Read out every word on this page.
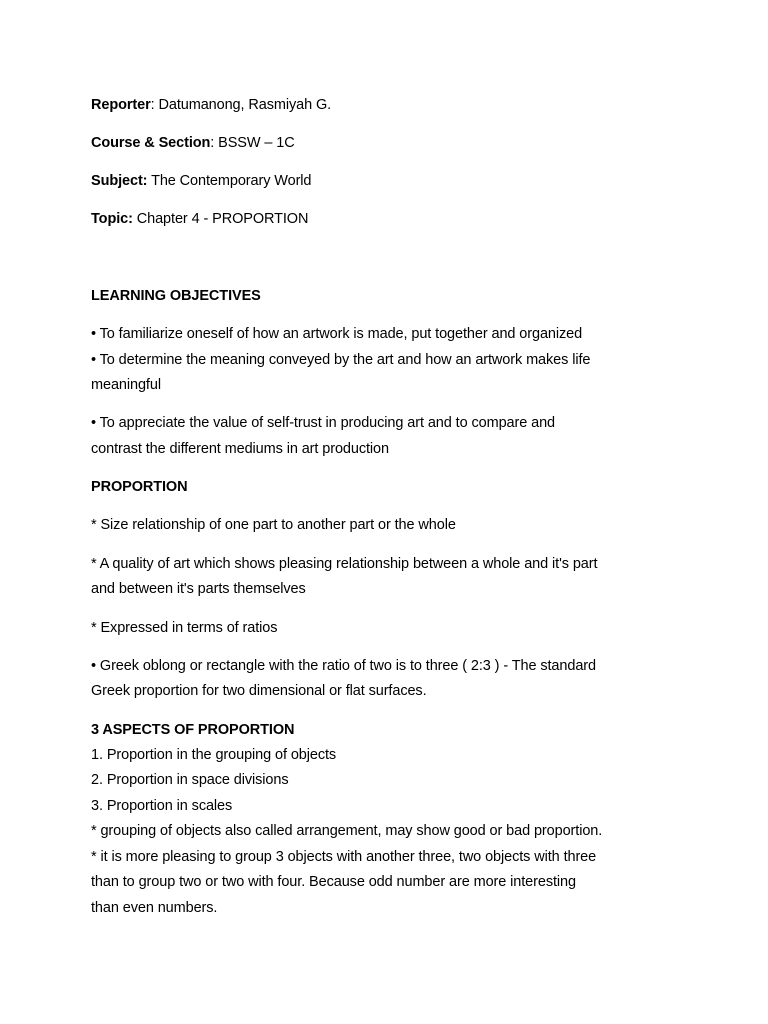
Reporter: Datumanong, Rasmiyah G.
Course & Section: BSSW – 1C
Subject: The Contemporary World
Topic: Chapter 4 - PROPORTION
LEARNING OBJECTIVES
• To familiarize oneself of how an artwork is made, put together and organized
• To determine the meaning conveyed by the art and how an artwork makes life
meaningful
• To appreciate the value of self-trust in producing art and to compare and
contrast the different mediums in art production
PROPORTION
* Size relationship of one part to another part or the whole
* A quality of art which shows pleasing relationship between a whole and it's part
and between it's parts themselves
* Expressed in terms of ratios
• Greek oblong or rectangle with the ratio of two is to three ( 2:3 ) - The standard
Greek proportion for two dimensional or flat surfaces.
3 ASPECTS OF PROPORTION
1. Proportion in the grouping of objects
2. Proportion in space divisions
3. Proportion in scales
* grouping of objects also called arrangement, may show good or bad proportion.
* it is more pleasing to group 3 objects with another three, two objects with three
than to group two or two with four. Because odd number are more interesting
than even numbers.
